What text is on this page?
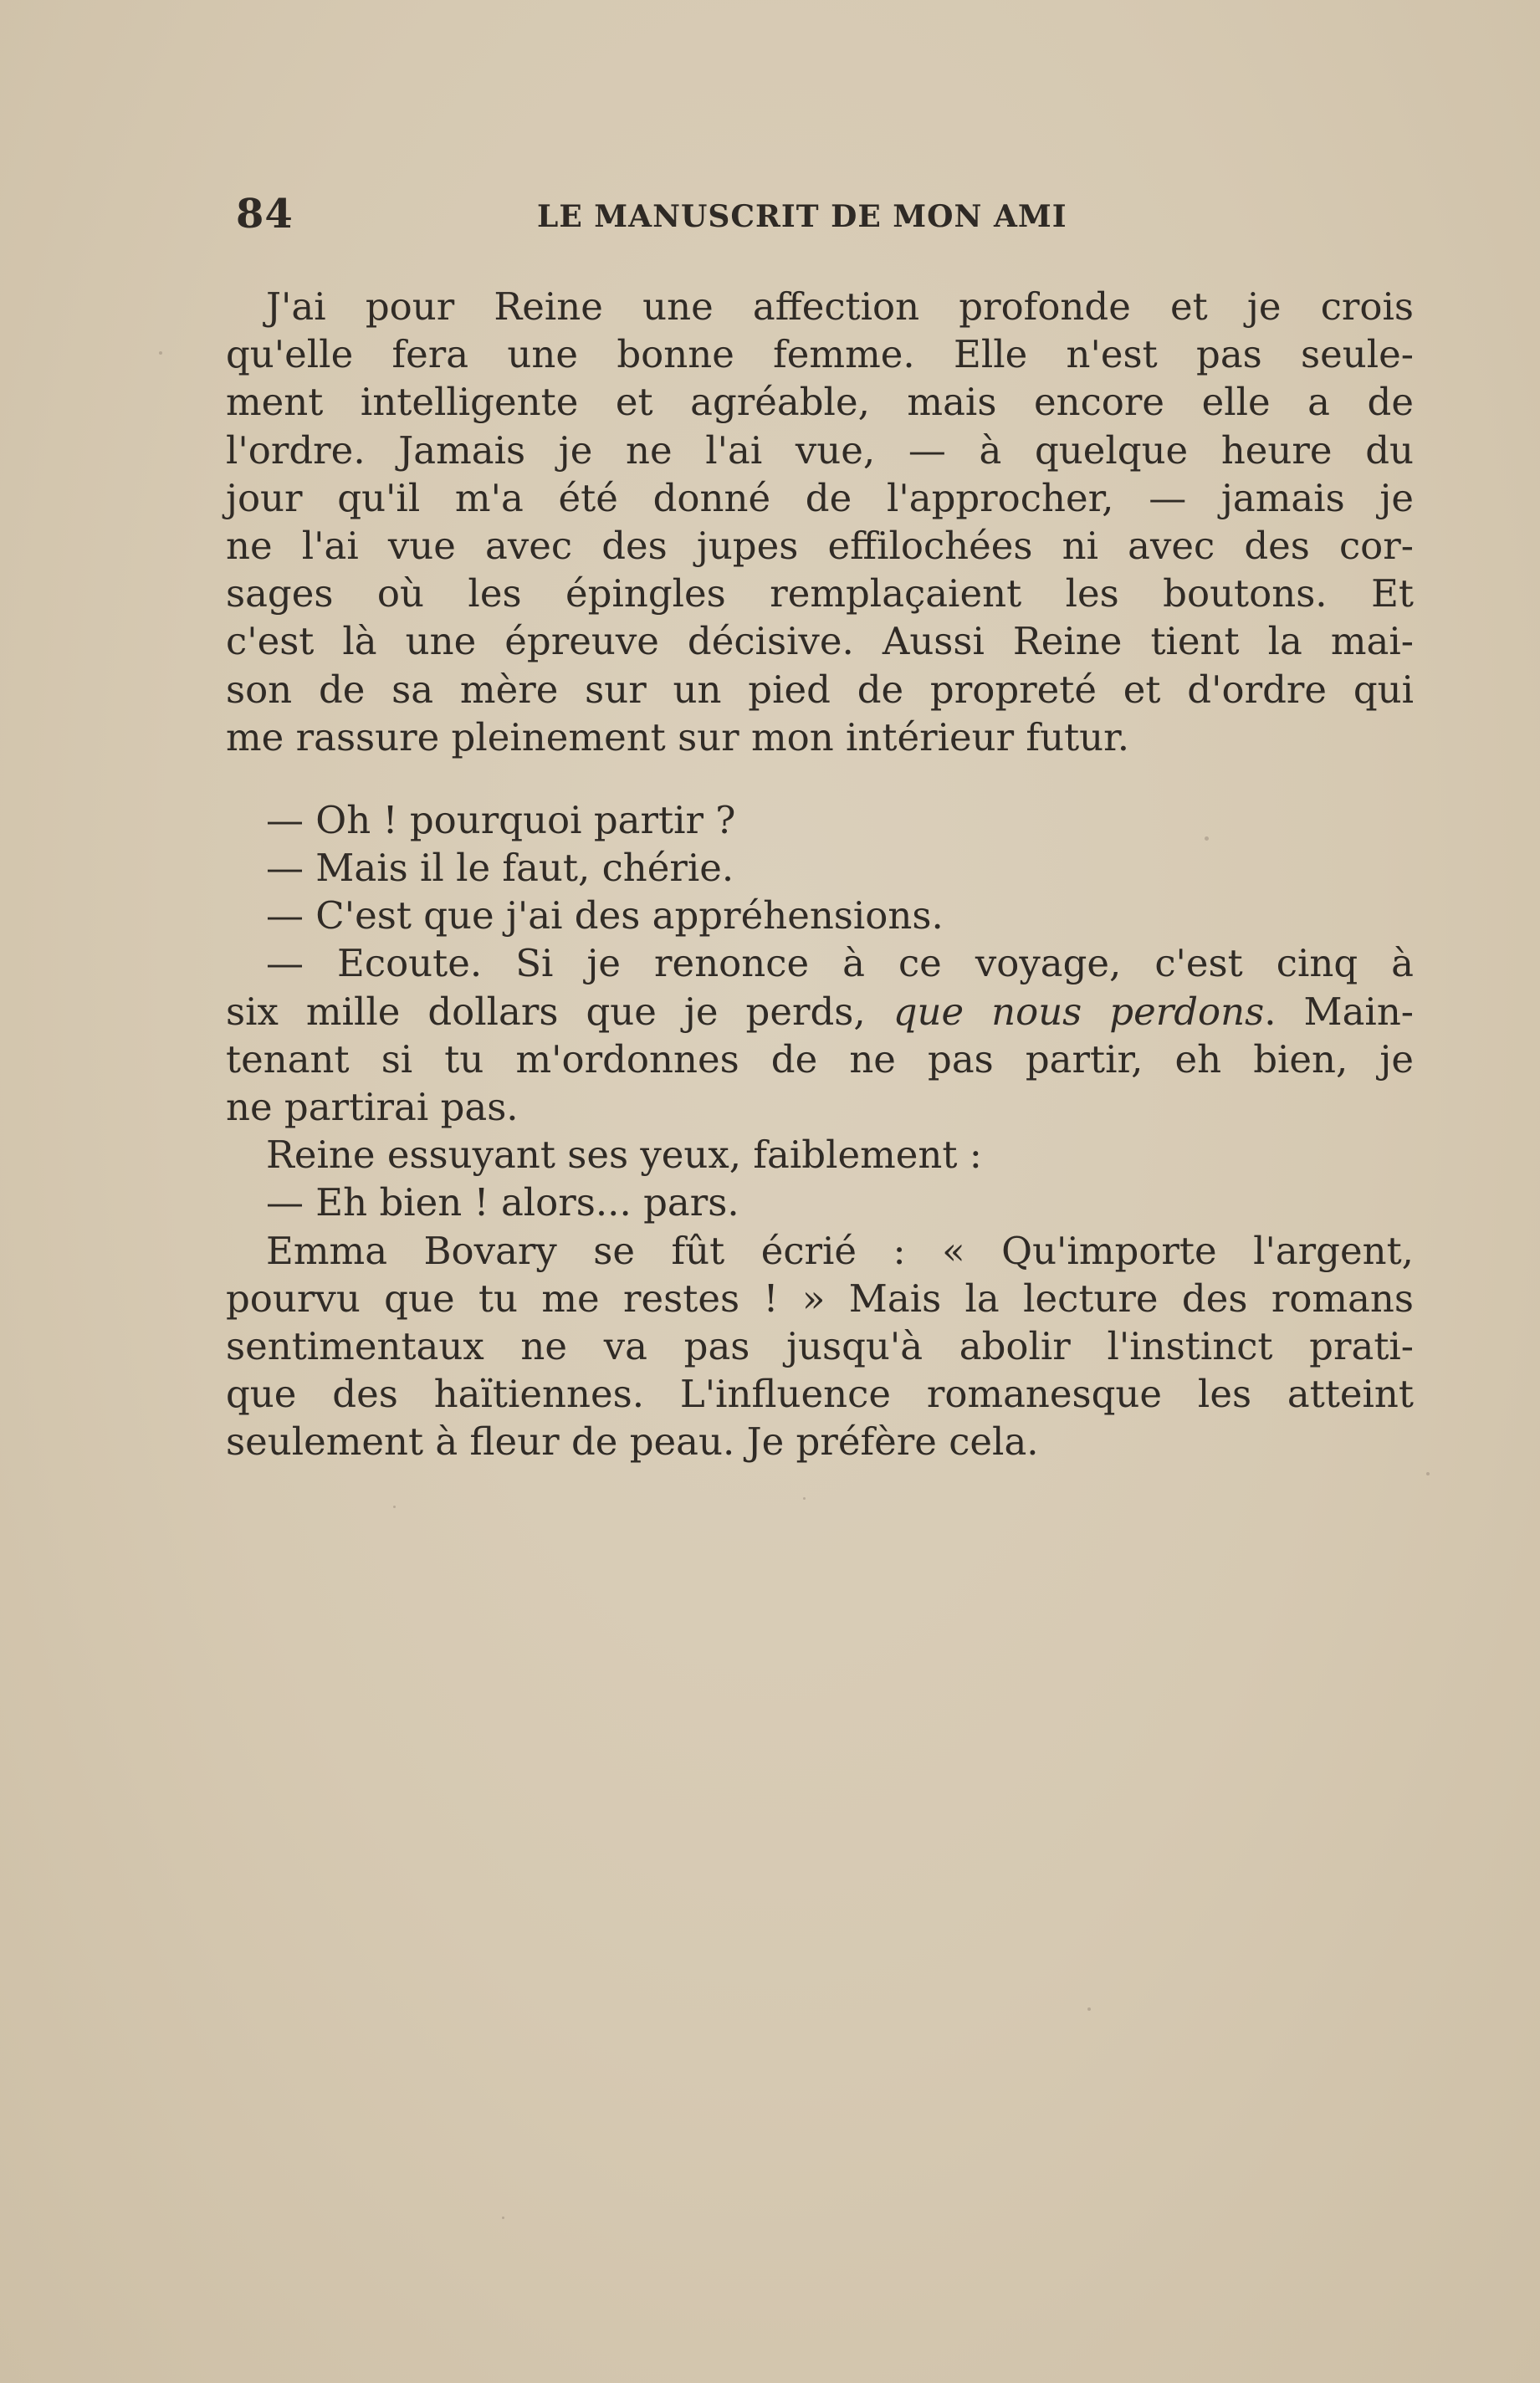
84	LE MANUSCRIT DE MON AMI
J'ai pour Reine une affection profonde et je crois
qu'elle fera une bonne femme. Elle n'est pas seule-
ment intelligente et agréable, mais encore elle a de
l'ordre. Jamais je ne l'ai vue, — à quelque heure du
jour qu'il m'a été donné de l'approcher, — jamais je
ne l'ai vue avec des jupes effilochées ni avec des cor-
sages où les épingles remplaçaient les boutons. Et
c'est là une épreuve décisive. Aussi Reine tient la mai-
son de sa mère sur un pied de propreté et d'ordre qui
me rassure pleinement sur mon intérieur futur.
— Oh ! pourquoi partir ?
— Mais il le faut, chérie.
— C'est que j'ai des appréhensions.
— Ecoute. Si je renonce à ce voyage, c'est cinq à
six mille dollars que je perds, que nous perdons. Main-
tenant si tu m'ordonnes de ne pas partir, eh bien, je
ne partirai pas.
Reine essuyant ses yeux, faiblement :
— Eh bien ! alors... pars.
Emma Bovary se fût écrié : « Qu'importe l'argent,
pourvu que tu me restes ! » Mais la lecture des romans
sentimentaux ne va pas jusqu'à abolir l'instinct prati-
que des haïtiennes. L'influence romanesque les atteint
seulement à fleur de peau. Je préfère cela.
